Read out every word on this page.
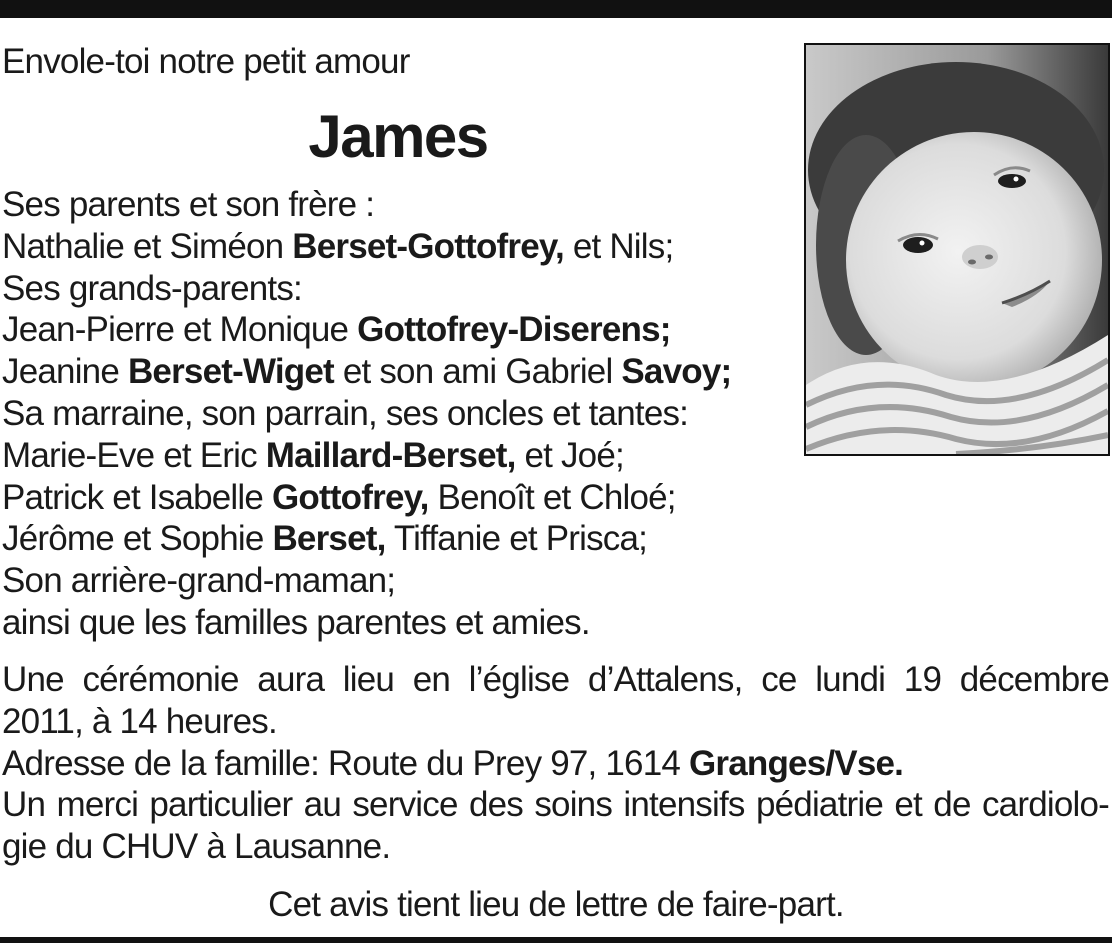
Envole-toi notre petit amour
James
Ses parents et son frère :
Nathalie et Siméon Berset-Gottofrey, et Nils;
Ses grands-parents:
Jean-Pierre et Monique Gottofrey-Diserens;
Jeanine Berset-Wiget et son ami Gabriel Savoy;
Sa marraine, son parrain, ses oncles et tantes:
Marie-Eve et Eric Maillard-Berset, et Joé;
Patrick et Isabelle Gottofrey, Benoît et Chloé;
Jérôme et Sophie Berset, Tiffanie et Prisca;
Son arrière-grand-maman;
ainsi que les familles parentes et amies.
Une cérémonie aura lieu en l’église d’Attalens, ce lundi 19 décembre
2011, à 14 heures.
Adresse de la famille: Route du Prey 97, 1614 Granges/Vse.
Un merci particulier au service des soins intensifs pédiatrie et de cardiolo-
gie du CHUV à Lausanne.
Cet avis tient lieu de lettre de faire-part.
